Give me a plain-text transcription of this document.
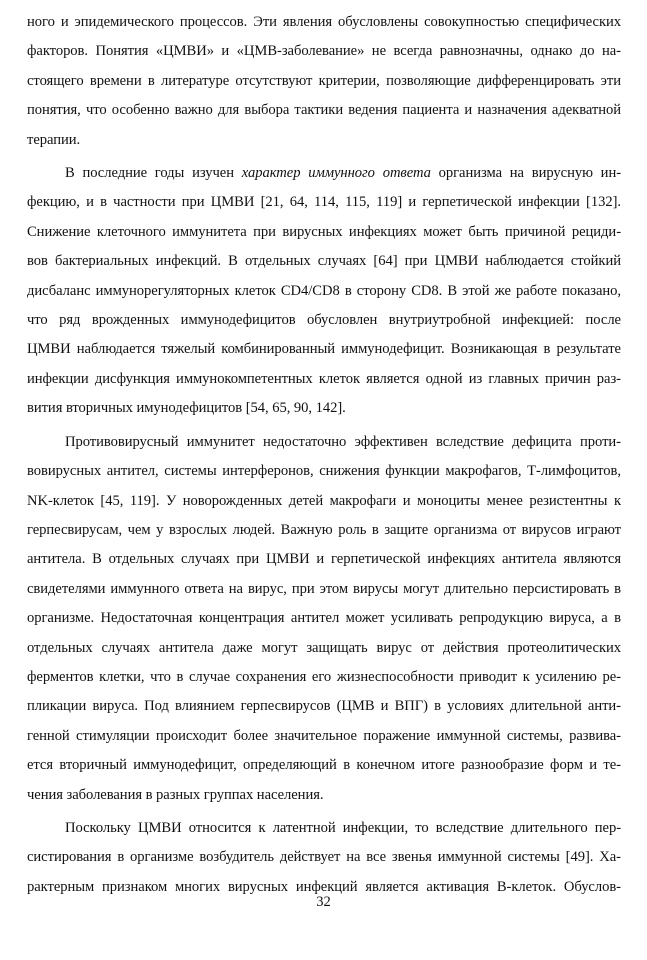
ного и эпидемического процессов. Эти явления обусловлены совокупностью специфических
факторов. Понятия «ЦМВИ» и «ЦМВ-заболевание» не всегда равнозначны, однако до на-
стоящего времени в литературе отсутствуют критерии, позволяющие дифференцировать эти
понятия, что особенно важно для выбора тактики ведения пациента и назначения адекватной
терапии.
В последние годы изучен характер иммунного ответа организма на вирусную ин-
фекцию, и в частности при ЦМВИ [21, 64, 114, 115, 119] и герпетической инфекции [132].
Снижение клеточного иммунитета при вирусных инфекциях может быть причиной рециди-
вов бактериальных инфекций. В отдельных случаях [64] при ЦМВИ наблюдается стойкий
дисбаланс иммунорегуляторных клеток CD4/CD8 в сторону CD8. В этой же работе показано,
что ряд врожденных иммунодефицитов обусловлен внутриутробной инфекцией: после
ЦМВИ наблюдается тяжелый комбинированный иммунодефицит. Возникающая в результате
инфекции дисфункция иммунокомпетентных клеток является одной из главных причин раз-
вития вторичных имунодефицитов [54, 65, 90, 142].
Противовирусный иммунитет недостаточно эффективен вследствие дефицита проти-
вовирусных антител, системы интерферонов, снижения функции макрофагов, Т-лимфоцитов,
NK-клеток [45, 119]. У новорожденных детей макрофаги и моноциты менее резистентны к
герпесвирусам, чем у взрослых людей. Важную роль в защите организма от вирусов играют
антитела. В отдельных случаях при ЦМВИ и герпетической инфекциях антитела являются
свидетелями иммунного ответа на вирус, при этом вирусы могут длительно персистировать в
организме. Недостаточная концентрация антител может усиливать репродукцию вируса, а в
отдельных случаях антитела даже могут защищать вирус от действия протеолитических
ферментов клетки, что в случае сохранения его жизнеспособности приводит к усилению ре-
пликации вируса. Под влиянием герпесвирусов (ЦМВ и ВПГ) в условиях длительной анти-
генной стимуляции происходит более значительное поражение иммунной системы, развива-
ется вторичный иммунодефицит, определяющий в конечном итоге разнообразие форм и те-
чения заболевания в разных группах населения.
Поскольку ЦМВИ относится к латентной инфекции, то вследствие длительного пер-
систирования в организме возбудитель действует на все звенья иммунной системы [49]. Ха-
рактерным признаком многих вирусных инфекций является активация В-клеток. Обуслов-
32
